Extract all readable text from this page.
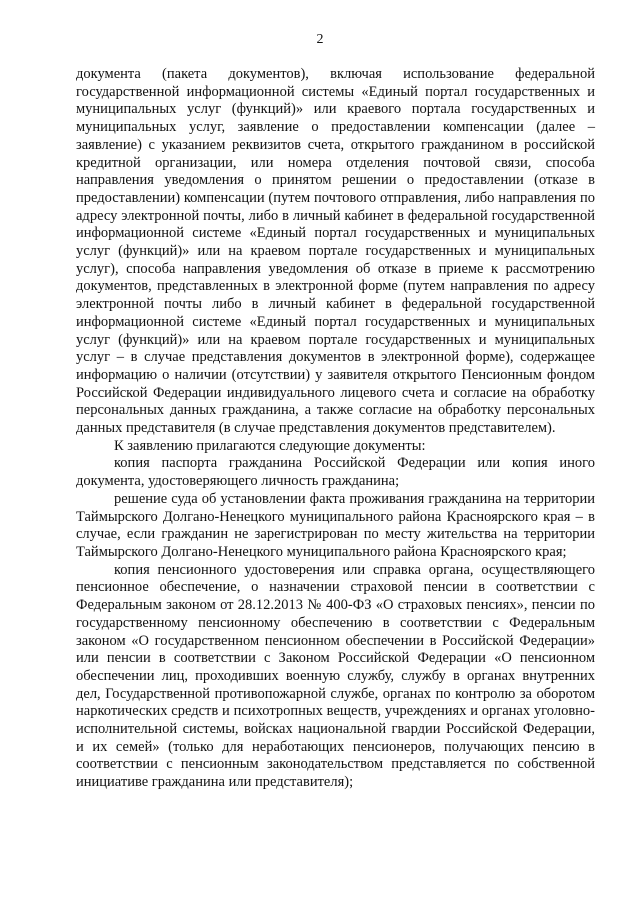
2

документа (пакета документов), включая использование федеральной государственной информационной системы «Единый портал государственных и муниципальных услуг (функций)» или краевого портала государственных и муниципальных услуг, заявление о предоставлении компенсации (далее – заявление) с указанием реквизитов счета, открытого гражданином в российской кредитной организации, или номера отделения почтовой связи, способа направления уведомления о принятом решении о предоставлении (отказе в предоставлении) компенсации (путем почтового отправления, либо направления по адресу электронной почты, либо в личный кабинет в федеральной государственной информационной системе «Единый портал государственных и муниципальных услуг (функций)» или на краевом портале государственных и муниципальных услуг), способа направления уведомления об отказе в приеме к рассмотрению документов, представленных в электронной форме (путем направления по адресу электронной почты либо в личный кабинет в федеральной государственной информационной системе «Единый портал государственных и муниципальных услуг (функций)» или на краевом портале государственных и муниципальных услуг – в случае представления документов в электронной форме), содержащее информацию о наличии (отсутствии) у заявителя открытого Пенсионным фондом Российской Федерации индивидуального лицевого счета и согласие на обработку персональных данных гражданина, а также согласие на обработку персональных данных представителя (в случае представления документов представителем).

К заявлению прилагаются следующие документы:

копия паспорта гражданина Российской Федерации или копия иного документа, удостоверяющего личность гражданина;

решение суда об установлении факта проживания гражданина на территории Таймырского Долгано-Ненецкого муниципального района Красноярского края – в случае, если гражданин не зарегистрирован по месту жительства на территории Таймырского Долгано-Ненецкого муниципального района Красноярского края;

копия пенсионного удостоверения или справка органа, осуществляющего пенсионное обеспечение, о назначении страховой пенсии в соответствии с Федеральным законом от 28.12.2013 № 400-ФЗ «О страховых пенсиях», пенсии по государственному пенсионному обеспечению в соответствии с Федеральным законом «О государственном пенсионном обеспечении в Российской Федерации» или пенсии в соответствии с Законом Российской Федерации «О пенсионном обеспечении лиц, проходивших военную службу, службу в органах внутренних дел, Государственной противопожарной службе, органах по контролю за оборотом наркотических средств и психотропных веществ, учреждениях и органах уголовно-исполнительной системы, войсках национальной гвардии Российской Федерации, и их семей» (только для неработающих пенсионеров, получающих пенсию в соответствии с пенсионным законодательством представляется по собственной инициативе гражданина или представителя);
